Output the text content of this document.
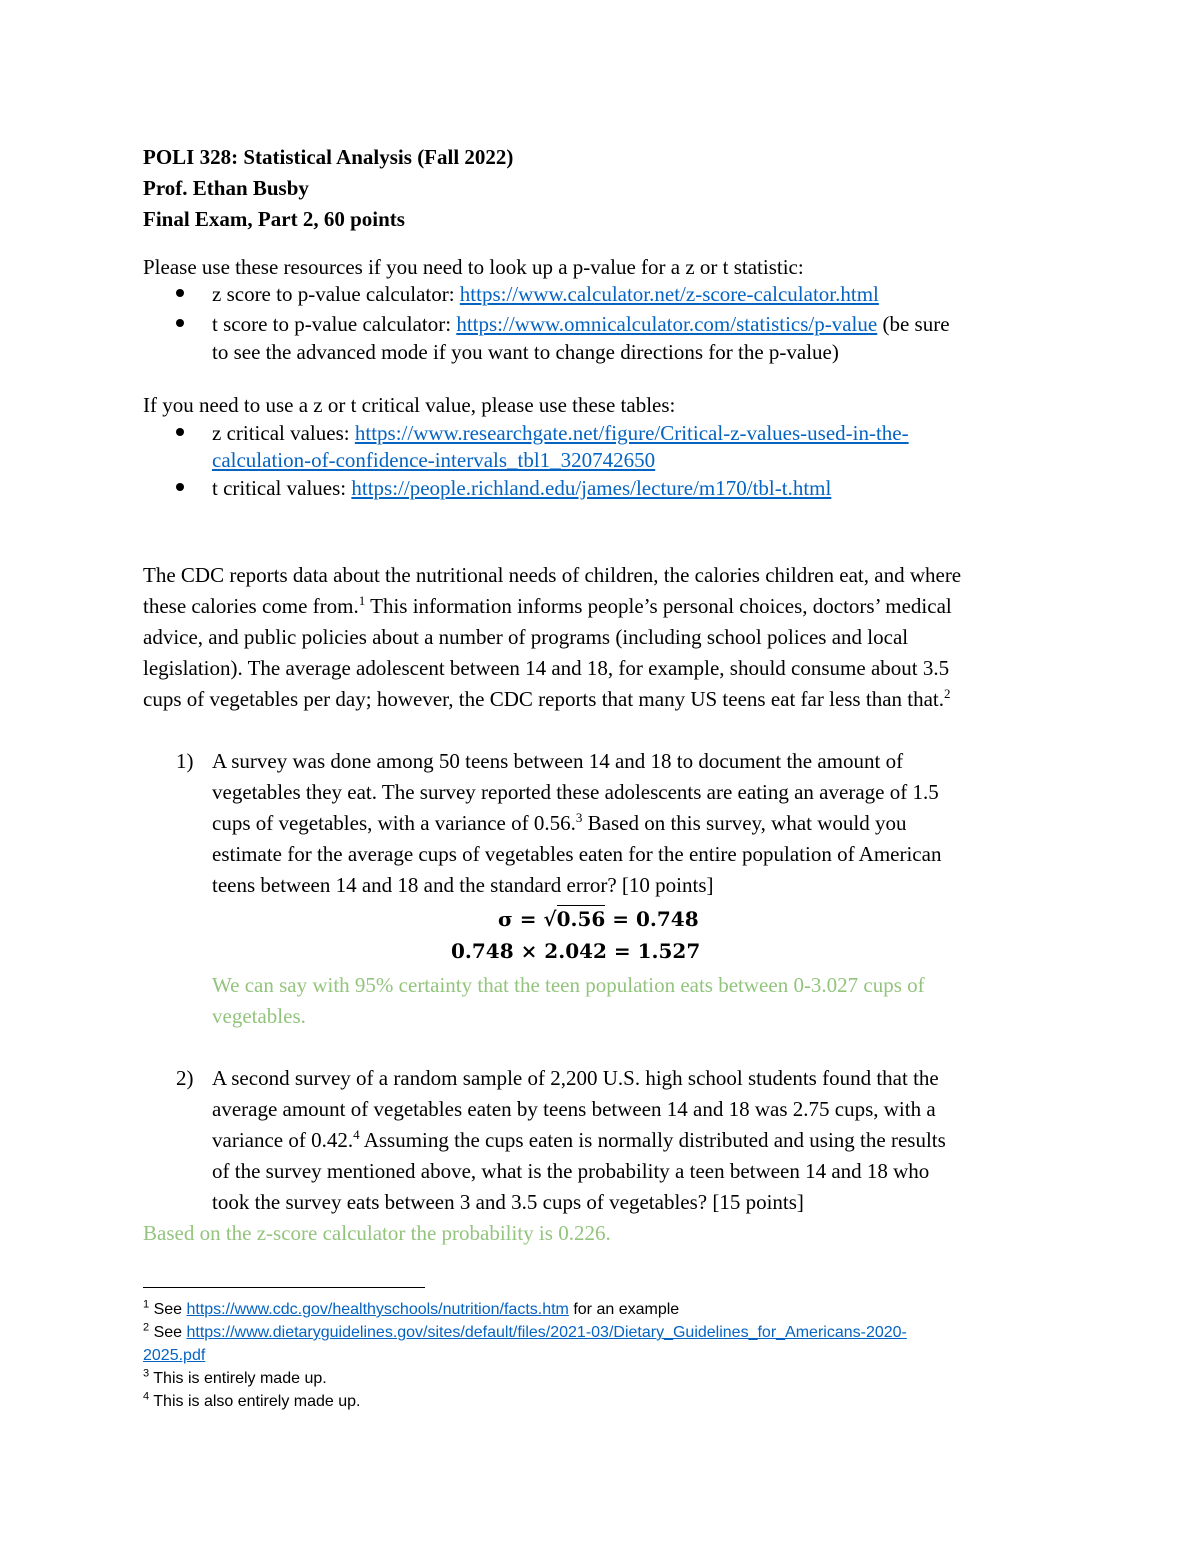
POLI 328: Statistical Analysis (Fall 2022)
Prof. Ethan Busby
Final Exam, Part 2, 60 points
Please use these resources if you need to look up a p-value for a z or t statistic:
z score to p-value calculator: https://www.calculator.net/z-score-calculator.html
t score to p-value calculator: https://www.omnicalculator.com/statistics/p-value (be sure
to see the advanced mode if you want to change directions for the p-value)
If you need to use a z or t critical value, please use these tables:
z critical values: https://www.researchgate.net/figure/Critical-z-values-used-in-the-
calculation-of-confidence-intervals_tbl1_320742650
t critical values: https://people.richland.edu/james/lecture/m170/tbl-t.html
The CDC reports data about the nutritional needs of children, the calories children eat, and where
these calories come from.$^1$ This information informs people’s personal choices, doctors’ medical
advice, and public policies about a number of programs (including school polices and local
legislation). The average adolescent between 14 and 18, for example, should consume about 3.5
cups of vegetables per day; however, the CDC reports that many US teens eat far less than that.$^2$
1) A survey was done among 50 teens between 14 and 18 to document the amount of
vegetables they eat. The survey reported these adolescents are eating an average of 1.5
cups of vegetables, with a variance of 0.56.$^3$ Based on this survey, what would you
estimate for the average cups of vegetables eaten for the entire population of American
teens between 14 and 18 and the standard error? [10 points]
σ = √0.56 = 0.748
0.748 × 2.042 = 1.527
We can say with 95% certainty that the teen population eats between 0-3.027 cups of
vegetables.
2) A second survey of a random sample of 2,200 U.S. high school students found that the
average amount of vegetables eaten by teens between 14 and 18 was 2.75 cups, with a
variance of 0.42.$^4$ Assuming the cups eaten is normally distributed and using the results
of the survey mentioned above, what is the probability a teen between 14 and 18 who
took the survey eats between 3 and 3.5 cups of vegetables? [15 points]
Based on the z-score calculator the probability is 0.226.
$^1$ See https://www.cdc.gov/healthyschools/nutrition/facts.htm for an example
$^2$ See https://www.dietaryguidelines.gov/sites/default/files/2021-03/Dietary_Guidelines_for_Americans-2020-
2025.pdf
$^3$ This is entirely made up.
$^4$ This is also entirely made up.
